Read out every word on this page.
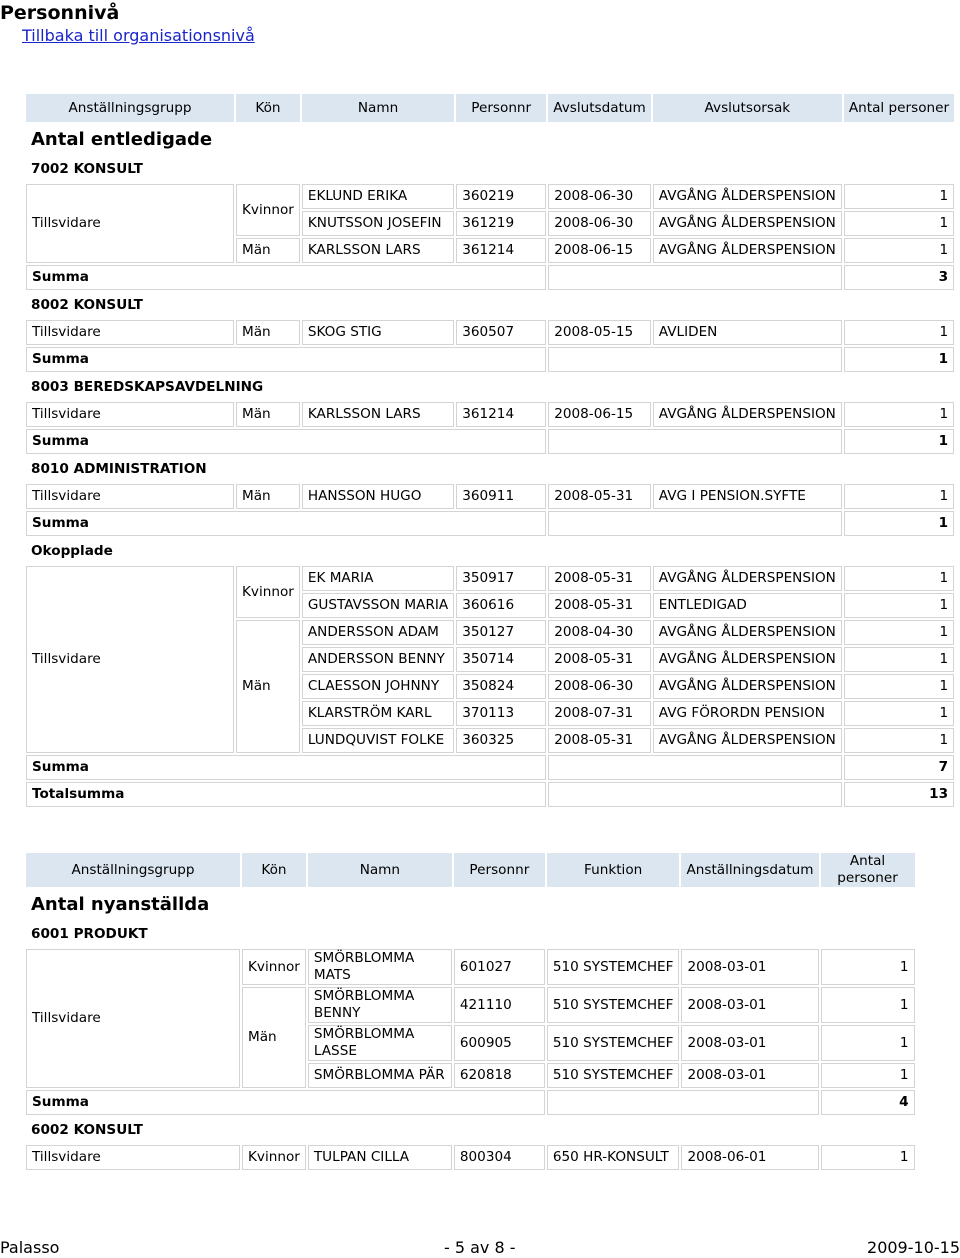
Personnivå
Tillbaka till organisationsnivå
Anställningsgrupp	Kön	Namn	Personnr	Avslutsdatum	Avslutsorsak	Antal personer
Antal entledigade						
7002 KONSULT						
Tillsvidare	Kvinnor	EKLUND ERIKA	360219	2008-06-30	AVGÅNG ÅLDERSPENSION	1
		KNUTSSON JOSEFIN	361219	2008-06-30	AVGÅNG ÅLDERSPENSION	1
	Män	KARLSSON LARS	361214	2008-06-15	AVGÅNG ÅLDERSPENSION	1
Summa						3
8002 KONSULT						
Tillsvidare	Män	SKOG STIG	360507	2008-05-15	AVLIDEN	1
Summa						1
8003 BEREDSKAPSAVDELNING						
Tillsvidare	Män	KARLSSON LARS	361214	2008-06-15	AVGÅNG ÅLDERSPENSION	1
Summa						1
8010 ADMINISTRATION						
Tillsvidare	Män	HANSSON HUGO	360911	2008-05-31	AVG I PENSION.SYFTE	1
Summa						1
Okopplade						
Tillsvidare	Kvinnor	EK MARIA	350917	2008-05-31	AVGÅNG ÅLDERSPENSION	1
		GUSTAVSSON MARIA	360616	2008-05-31	ENTLEDIGAD	1
	Män	ANDERSSON ADAM	350127	2008-04-30	AVGÅNG ÅLDERSPENSION	1
		ANDERSSON BENNY	350714	2008-05-31	AVGÅNG ÅLDERSPENSION	1
		CLAESSON JOHNNY	350824	2008-06-30	AVGÅNG ÅLDERSPENSION	1
		KLARSTRÖM KARL	370113	2008-07-31	AVG FÖRORDN PENSION	1
		LUNDQUVIST FOLKE	360325	2008-05-31	AVGÅNG ÅLDERSPENSION	1
Summa						7
Totalsumma						13
Anställningsgrupp	Kön	Namn	Personnr	Funktion	Anställningsdatum	Antal personer
Antal nyanställda						
6001 PRODUKT						
Tillsvidare	Kvinnor	SMÖRBLOMMA MATS	601027	510 SYSTEMCHEF	2008-03-01	1
	Män	SMÖRBLOMMA BENNY	421110	510 SYSTEMCHEF	2008-03-01	1
		SMÖRBLOMMA LASSE	600905	510 SYSTEMCHEF	2008-03-01	1
		SMÖRBLOMMA PÄR	620818	510 SYSTEMCHEF	2008-03-01	1
Summa						4
6002 KONSULT						
Tillsvidare	Kvinnor	TULPAN CILLA	800304	650 HR-KONSULT	2008-06-01	1
Palasso	- 5 av 8 -	2009-10-15
